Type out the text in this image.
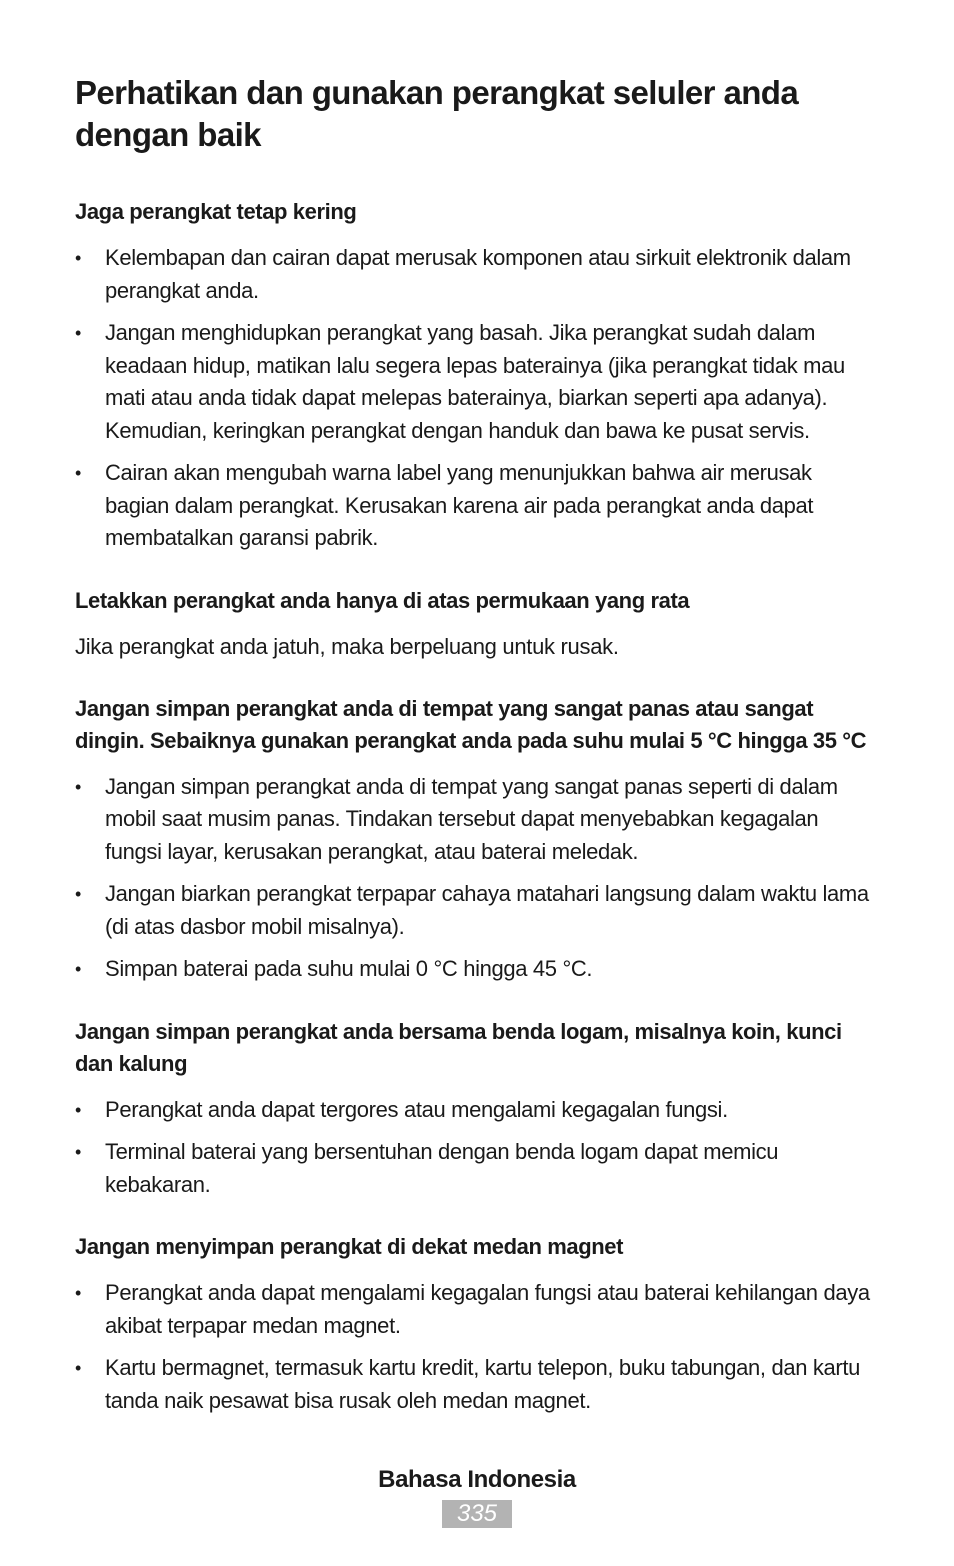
Perhatikan dan gunakan perangkat seluler anda dengan baik
Jaga perangkat tetap kering
• Kelembapan dan cairan dapat merusak komponen atau sirkuit elektronik dalam perangkat anda.
• Jangan menghidupkan perangkat yang basah. Jika perangkat sudah dalam keadaan hidup, matikan lalu segera lepas baterainya (jika perangkat tidak mau mati atau anda tidak dapat melepas baterainya, biarkan seperti apa adanya). Kemudian, keringkan perangkat dengan handuk dan bawa ke pusat servis.
• Cairan akan mengubah warna label yang menunjukkan bahwa air merusak bagian dalam perangkat. Kerusakan karena air pada perangkat anda dapat membatalkan garansi pabrik.
Letakkan perangkat anda hanya di atas permukaan yang rata

Jika perangkat anda jatuh, maka berpeluang untuk rusak.

Jangan simpan perangkat anda di tempat yang sangat panas atau sangat dingin. Sebaiknya gunakan perangkat anda pada suhu mulai 5 °C hingga 35 °C
• Jangan simpan perangkat anda di tempat yang sangat panas seperti di dalam mobil saat musim panas. Tindakan tersebut dapat menyebabkan kegagalan fungsi layar, kerusakan perangkat, atau baterai meledak.
• Jangan biarkan perangkat terpapar cahaya matahari langsung dalam waktu lama (di atas dasbor mobil misalnya).
• Simpan baterai pada suhu mulai 0 °C hingga 45 °C.
Jangan simpan perangkat anda bersama benda logam, misalnya koin, kunci dan kalung
• Perangkat anda dapat tergores atau mengalami kegagalan fungsi.
• Terminal baterai yang bersentuhan dengan benda logam dapat memicu kebakaran.
Jangan menyimpan perangkat di dekat medan magnet
• Perangkat anda dapat mengalami kegagalan fungsi atau baterai kehilangan daya akibat terpapar medan magnet.
• Kartu bermagnet, termasuk kartu kredit, kartu telepon, buku tabungan, dan kartu tanda naik pesawat bisa rusak oleh medan magnet.
Bahasa Indonesia
335
